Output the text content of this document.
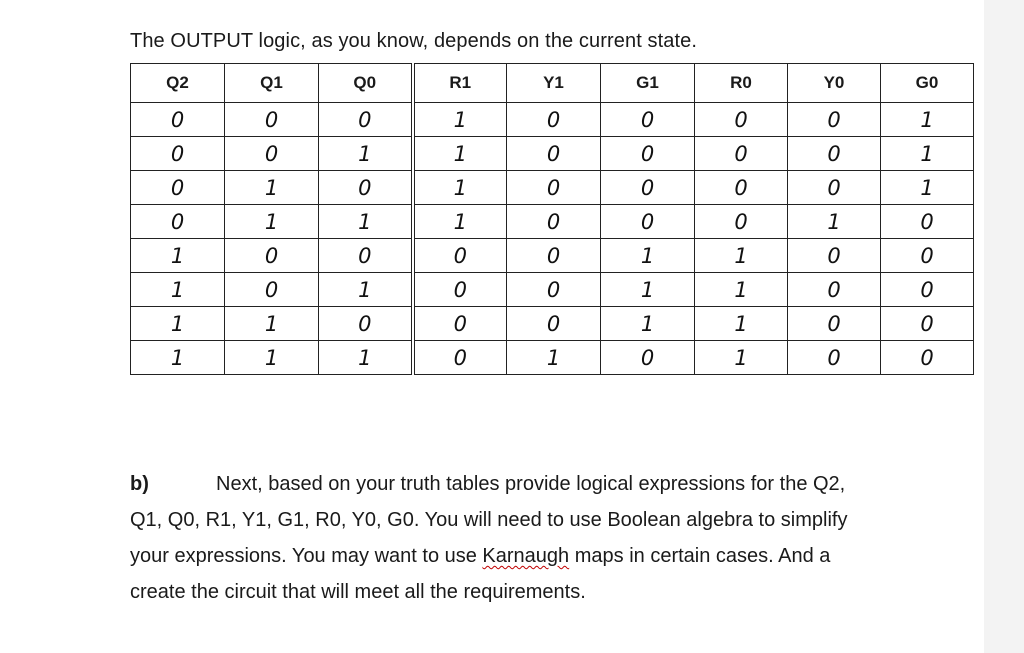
The OUTPUT logic, as you know, depends on the current state.
Q2	Q1	Q0	R1	Y1	G1	R0	Y0	G0
0	0	0	1	0	0	0	0	1
0	0	1	1	0	0	0	0	1
0	1	0	1	0	0	0	0	1
0	1	1	1	0	0	0	1	0
1	0	0	0	0	1	1	0	0
1	0	1	0	0	1	1	0	0
1	1	0	0	0	1	1	0	0
1	1	1	0	1	0	1	0	0
b)	Next, based on your truth tables provide logical expressions for the Q2,
Q1, Q0, R1, Y1, G1, R0, Y0, G0. You will need to use Boolean algebra to simplify
your expressions. You may want to use Karnaugh maps in certain cases. And a
create the circuit that will meet all the requirements.
